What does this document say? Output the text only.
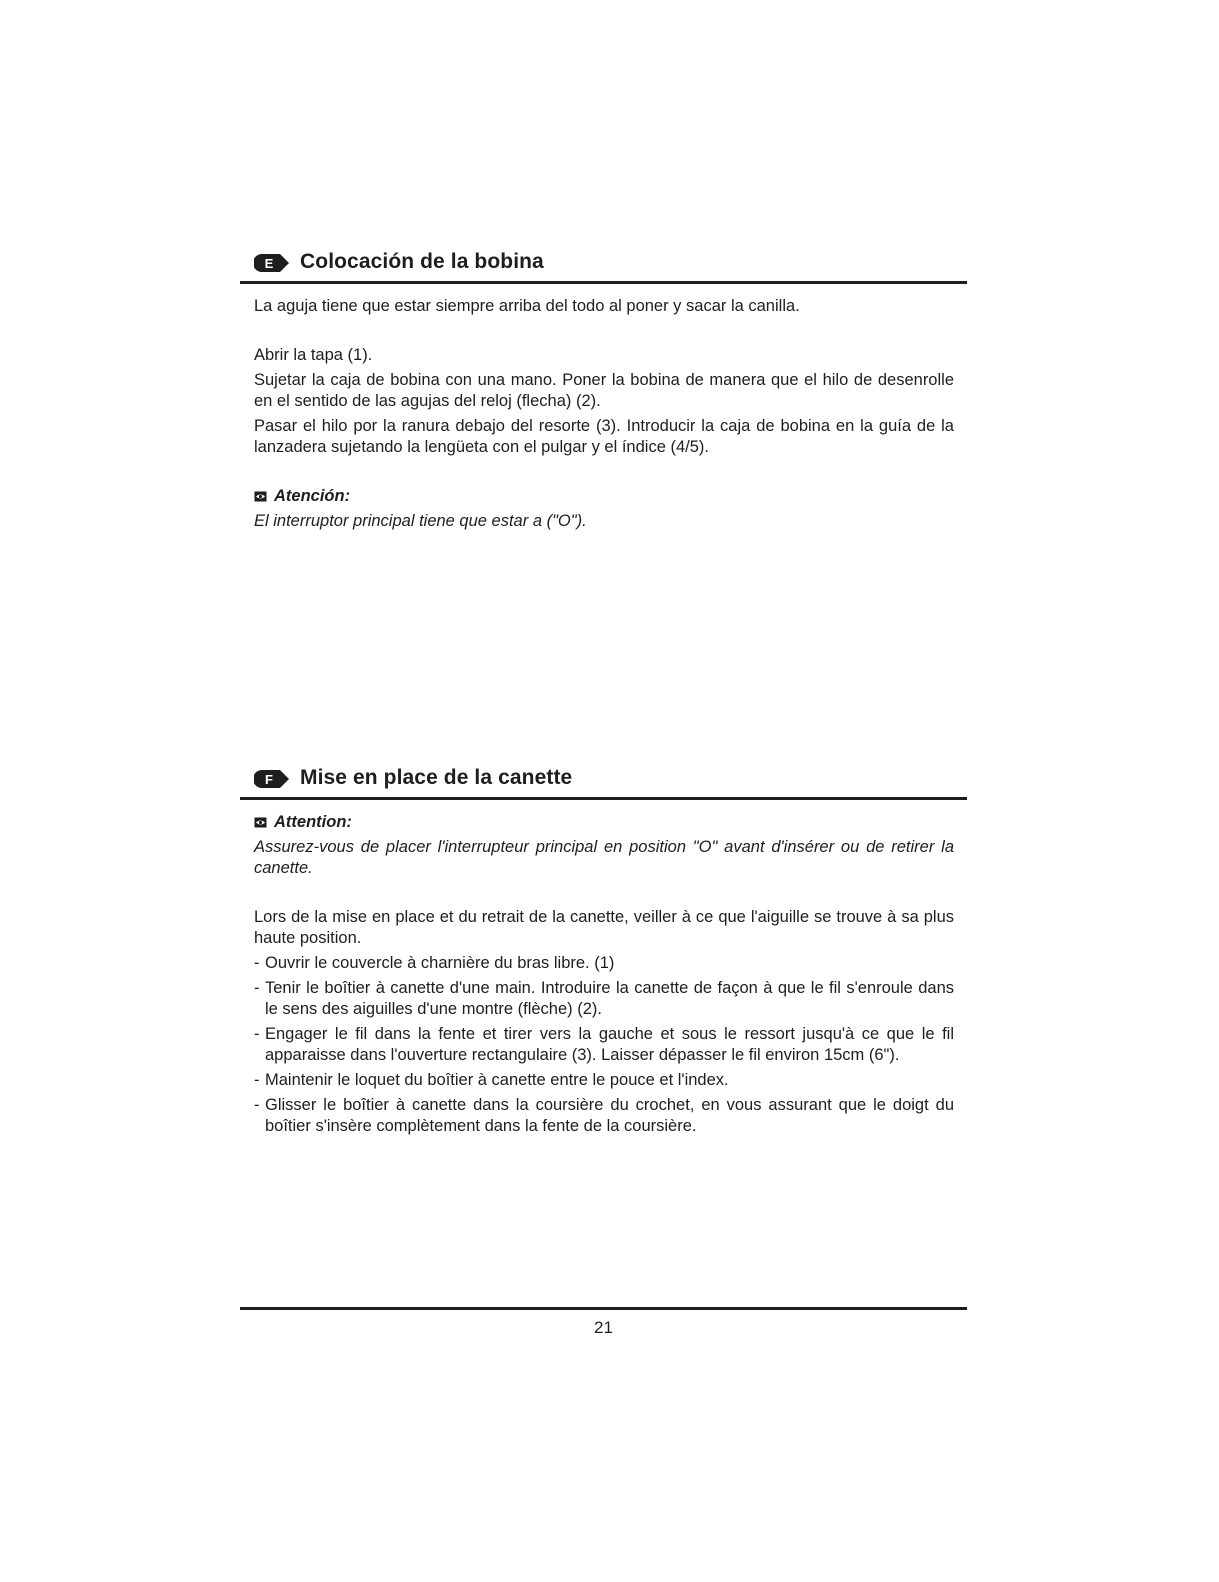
E Colocación de la bobina

La aguja tiene que estar siempre arriba del todo al poner y sacar la canilla.

Abrir la tapa (1).

Sujetar la caja de bobina con una mano. Poner la bobina de manera que el hilo de desenrolle en el sentido de las agujas del reloj (flecha) (2).

Pasar el hilo por la ranura debajo del resorte (3). Introducir la caja de bobina en la guía de la lanzadera sujetando la lengüeta con el pulgar y el índice (4/5).

Atención:
El interruptor principal tiene que estar a ("O").
F Mise en place de la canette
Attention:
Assurez-vous de placer l'interrupteur principal en position "O" avant d'insérer ou de retirer la canette.

Lors de la mise en place et du retrait de la canette, veiller à ce que l'aiguille se trouve à sa plus haute position.

- Ouvrir le couvercle à charnière du bras libre. (1)
- Tenir le boîtier à canette d'une main. Introduire la canette de façon à que le fil s'enroule dans le sens des aiguilles d'une montre (flèche) (2).
- Engager le fil dans la fente et tirer vers la gauche et sous le ressort jusqu'à ce que le fil apparaisse dans l'ouverture rectangulaire (3). Laisser dépasser le fil environ 15cm (6").
- Maintenir le loquet du boîtier à canette entre le pouce et l'index.
- Glisser le boîtier à canette dans la coursière du crochet, en vous assurant que le doigt du boîtier s'insère complètement dans la fente de la coursière.
21
